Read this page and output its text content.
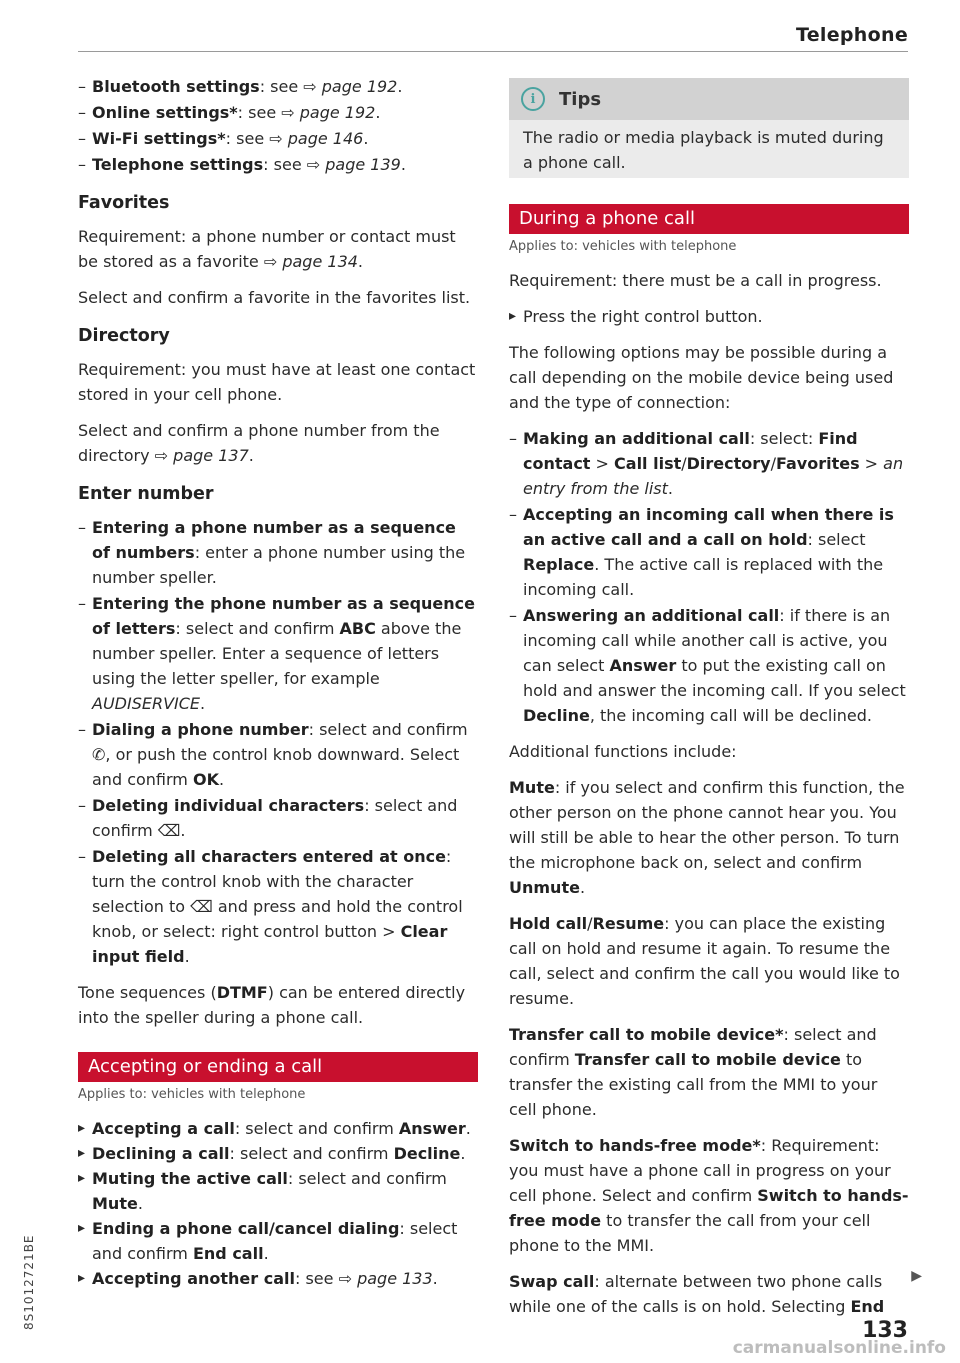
Telephone
– Bluetooth settings: see ⇨ page 192.
– Online settings*: see ⇨ page 192.
– Wi-Fi settings*: see ⇨ page 146.
– Telephone settings: see ⇨ page 139.
Favorites

Requirement: a phone number or contact must be stored as a favorite ⇨ page 134.

Select and confirm a favorite in the favorites list.

Directory

Requirement: you must have at least one contact stored in your cell phone.

Select and confirm a phone number from the directory ⇨ page 137.

Enter number
– Entering a phone number as a sequence of numbers: enter a phone number using the number speller.
– Entering the phone number as a sequence of letters: select and confirm ABC above the number speller. Enter a sequence of letters using the letter speller, for example AUDISERVICE.
– Dialing a phone number: select and confirm ✆, or push the control knob downward. Select and confirm OK.
– Deleting individual characters: select and confirm ⌫.
– Deleting all characters entered at once: turn the control knob with the character selection to ⌫ and press and hold the control knob, or select: right control button > Clear input field.

Tone sequences (DTMF) can be entered directly into the speller during a phone call.

Accepting or ending a call
Applies to: vehicles with telephone
▸ Accepting a call: select and confirm Answer.
▸ Declining a call: select and confirm Decline.
▸ Muting the active call: select and confirm Mute.
▸ Ending a phone call/cancel dialing: select and confirm End call.
▸ Accepting another call: see ⇨ page 133.
i	Tips
The radio or media playback is muted during a phone call.
During a phone call
Applies to: vehicles with telephone

Requirement: there must be a call in progress.

▸ Press the right control button.

The following options may be possible during a call depending on the mobile device being used and the type of connection:

– Making an additional call: select: Find contact > Call list/Directory/Favorites > an entry from the list.
– Accepting an incoming call when there is an active call and a call on hold: select Replace. The active call is replaced with the incoming call.
– Answering an additional call: if there is an incoming call while another call is active, you can select Answer to put the existing call on hold and answer the incoming call. If you select Decline, the incoming call will be declined.

Additional functions include:

Mute: if you select and confirm this function, the other person on the phone cannot hear you. You will still be able to hear the other person. To turn the microphone back on, select and confirm Unmute.

Hold call/Resume: you can place the existing call on hold and resume it again. To resume the call, select and confirm the call you would like to resume.

Transfer call to mobile device*: select and confirm Transfer call to mobile device to transfer the existing call from the MMI to your cell phone.

Switch to hands-free mode*: Requirement: you must have a phone call in progress on your cell phone. Select and confirm Switch to hands-free mode to transfer the call from your cell phone to the MMI.

Swap call: alternate between two phone calls while one of the calls is on hold. Selecting End

▶
133
8S1012721BE
carmanualsonline.info
